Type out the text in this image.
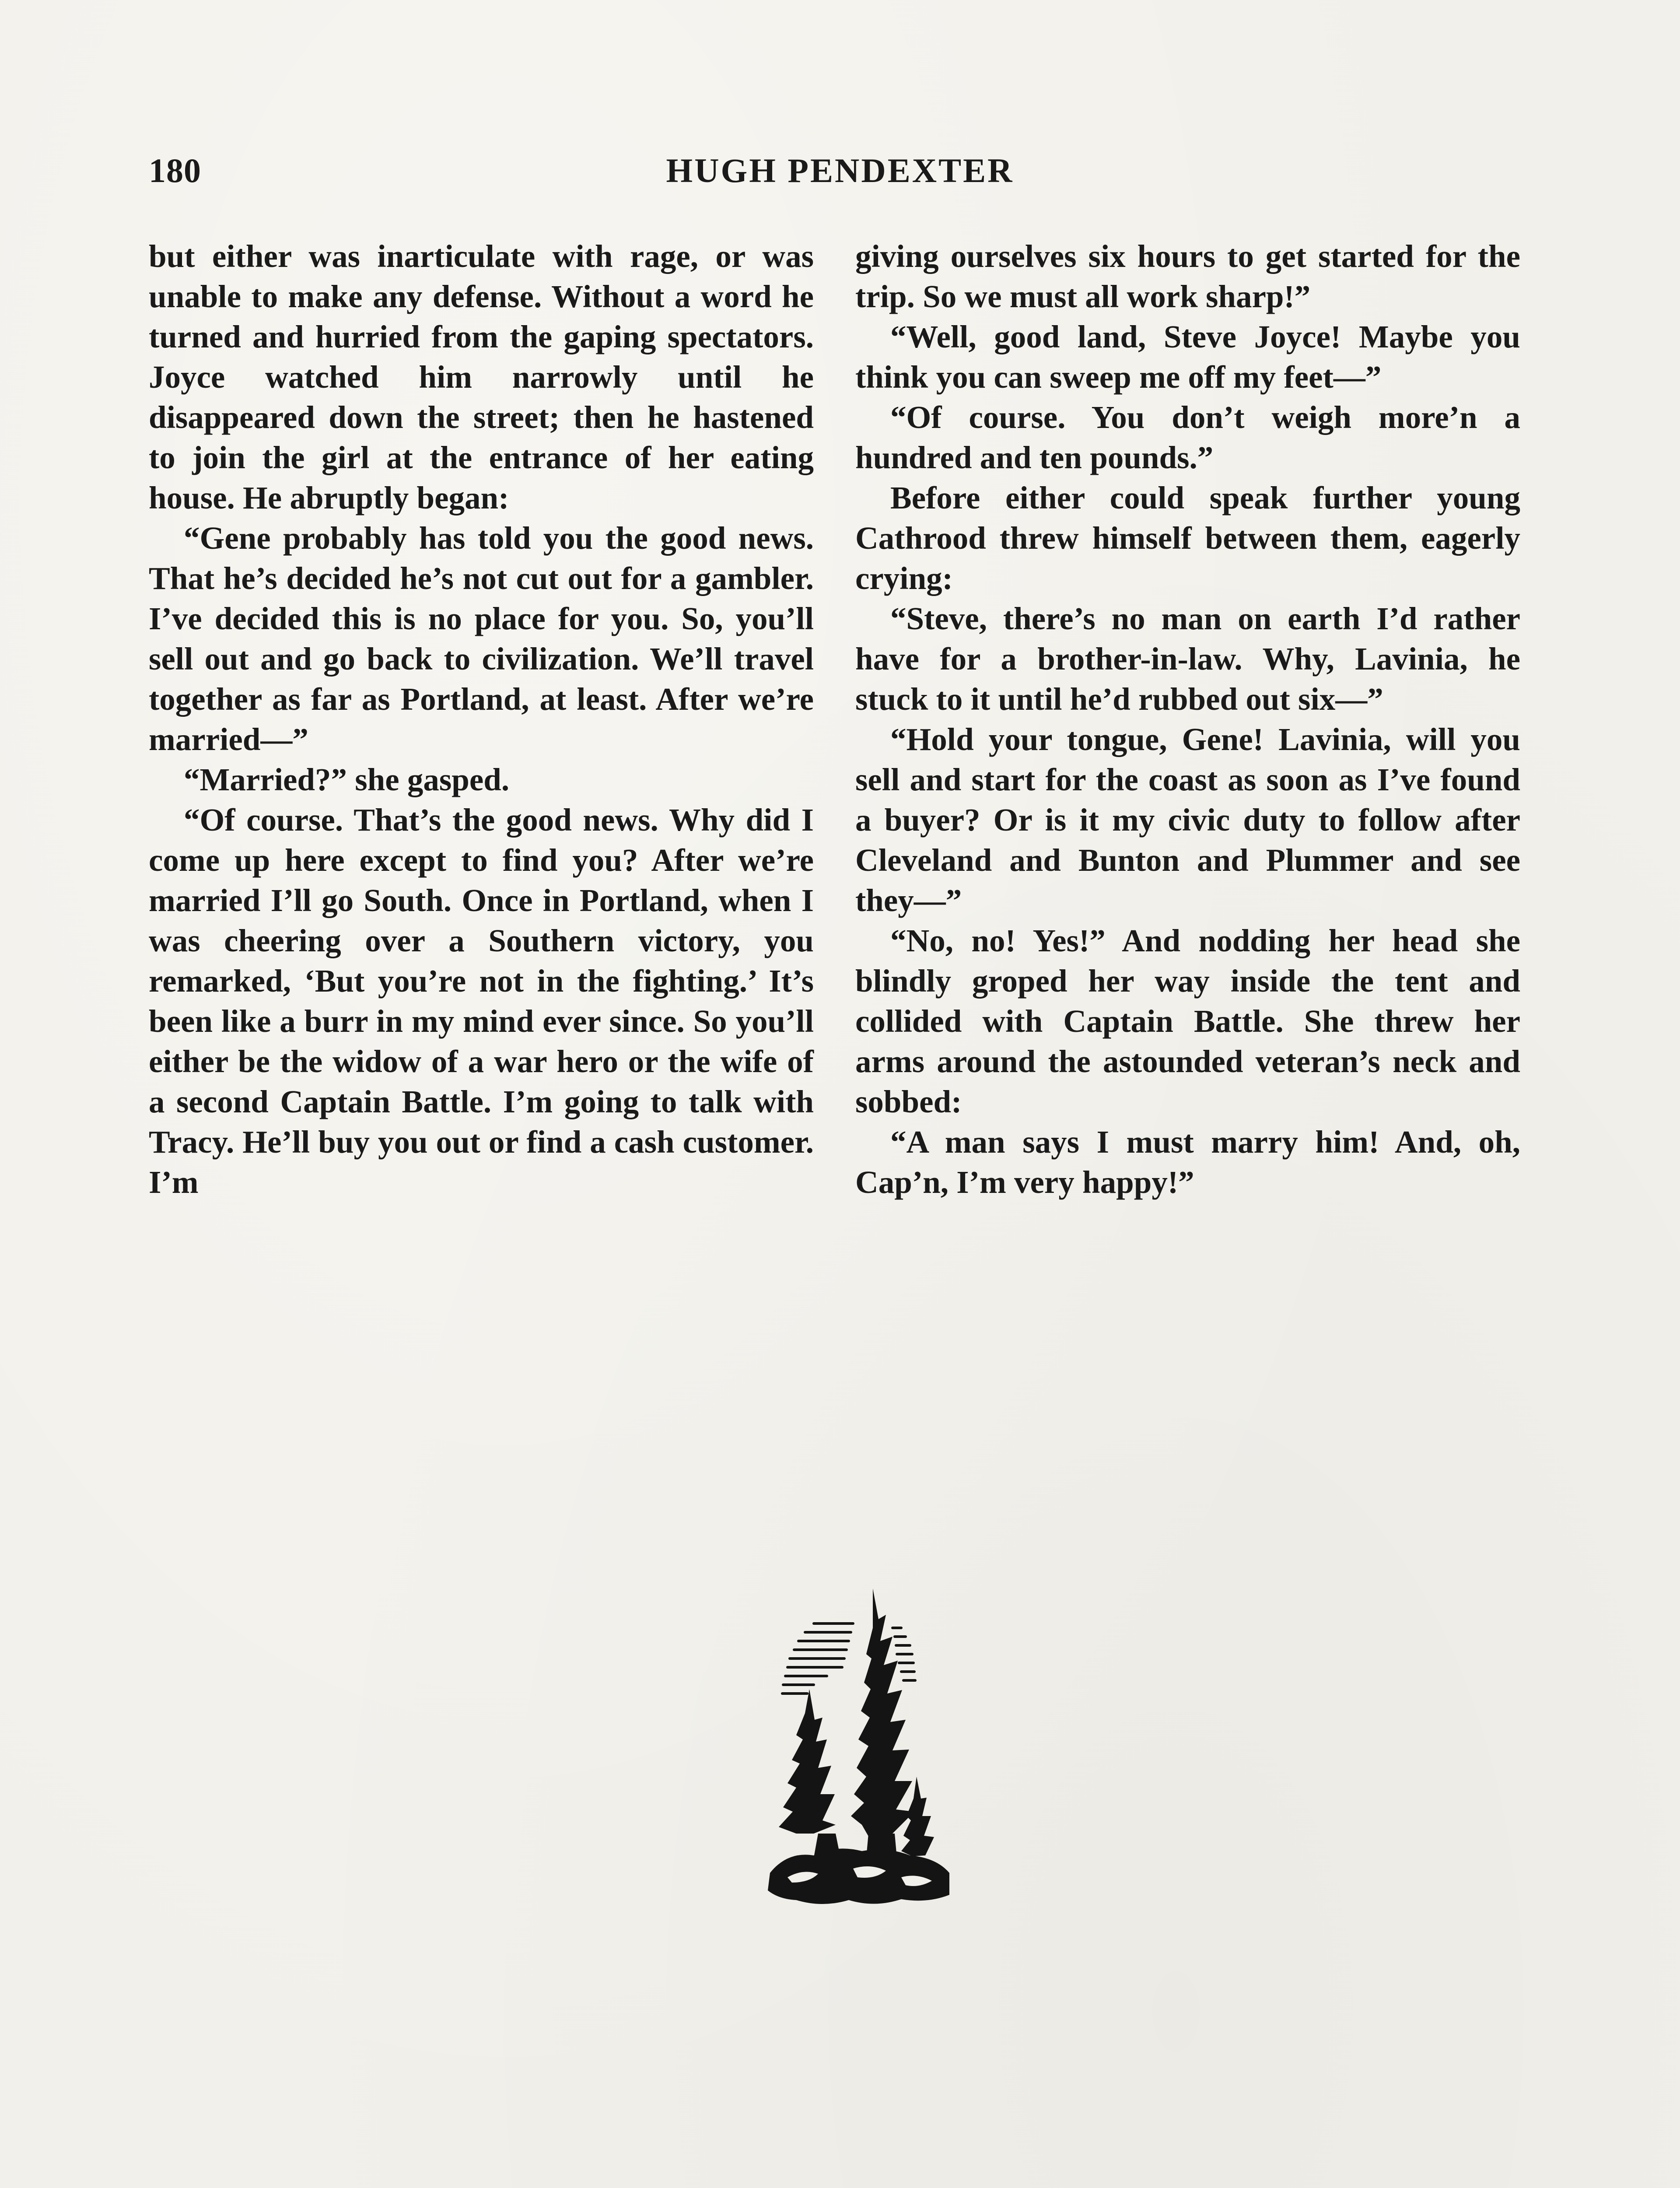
180	HUGH PENDEXTER

but either was inarticulate with rage, or was unable to make any defense. Without a word he turned and hurried from the gaping spectators. Joyce watched him narrowly until he disappeared down the street; then he hastened to join the girl at the entrance of her eating house. He abruptly began:

“Gene probably has told you the good news. That he’s decided he’s not cut out for a gambler. I’ve decided this is no place for you. So, you’ll sell out and go back to civilization. We’ll travel together as far as Portland, at least. After we’re married—”

“Married?” she gasped.

“Of course. That’s the good news. Why did I come up here except to find you? After we’re married I’ll go South. Once in Portland, when I was cheering over a Southern victory, you remarked, ‘But you’re not in the fighting.’ It’s been like a burr in my mind ever since. So you’ll either be the widow of a war hero or the wife of a second Captain Battle. I’m going to talk with Tracy. He’ll buy you out or find a cash customer. I’m

giving ourselves six hours to get started for the trip. So we must all work sharp!”

“Well, good land, Steve Joyce! Maybe you think you can sweep me off my feet—”

“Of course. You don’t weigh more’n a hundred and ten pounds.”

Before either could speak further young Cathrood threw himself between them, eagerly crying:

“Steve, there’s no man on earth I’d rather have for a brother-in-law. Why, Lavinia, he stuck to it until he’d rubbed out six—”

“Hold your tongue, Gene! Lavinia, will you sell and start for the coast as soon as I’ve found a buyer? Or is it my civic duty to follow after Cleveland and Bunton and Plummer and see they—”

“No, no! Yes!” And nodding her head she blindly groped her way inside the tent and collided with Captain Battle. She threw her arms around the astounded veteran’s neck and sobbed:

“A man says I must marry him! And, oh, Cap’n, I’m very happy!”
